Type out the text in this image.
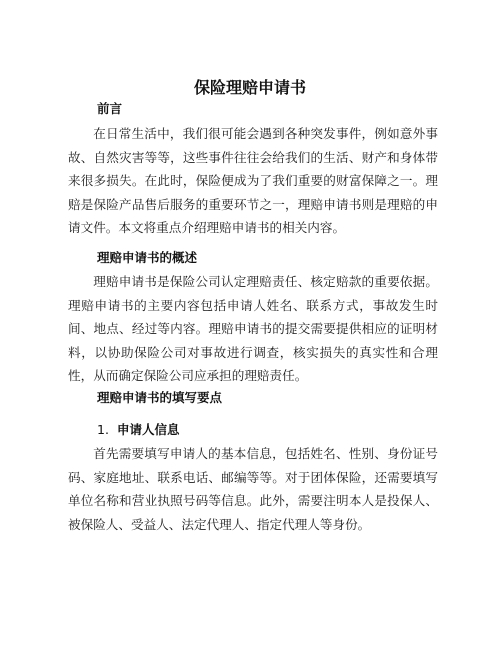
保险理赔申请书
前言

在日常生活中，我们很可能会遇到各种突发事件，例如意外事故、自然灾害等等，这些事件往往会给我们的生活、财产和身体带来很多损失。在此时，保险便成为了我们重要的财富保障之一。理赔是保险产品售后服务的重要环节之一，理赔申请书则是理赔的申请文件。本文将重点介绍理赔申请书的相关内容。

理赔申请书的概述

理赔申请书是保险公司认定理赔责任、核定赔款的重要依据。理赔申请书的主要内容包括申请人姓名、联系方式，事故发生时间、地点、经过等内容。理赔申请书的提交需要提供相应的证明材料，以协助保险公司对事故进行调查，核实损失的真实性和合理性，从而确定保险公司应承担的理赔责任。

理赔申请书的填写要点
1. 申请人信息

首先需要填写申请人的基本信息，包括姓名、性别、身份证号码、家庭地址、联系电话、邮编等等。对于团体保险，还需要填写单位名称和营业执照号码等信息。此外，需要注明本人是投保人、被保险人、受益人、法定代理人、指定代理人等身份。
